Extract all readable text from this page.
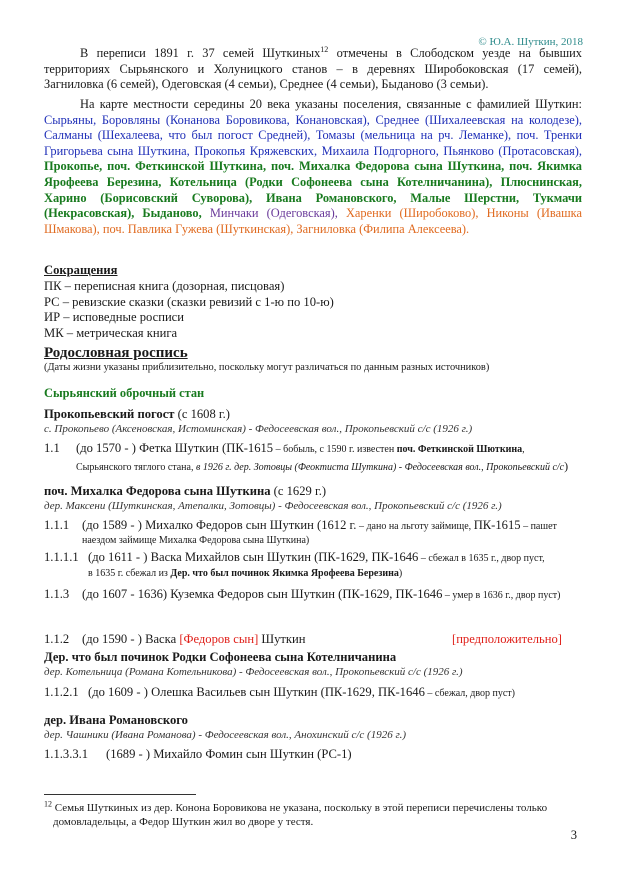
© Ю.А. Шуткин, 2018
В переписи 1891 г. 37 семей Шуткиных$^{12}$ отмечены в Слободском уезде на бывших территориях Сырьянского и Холуницкого станов – в деревнях Широбоковская (17 семей), Загниловка (6 семей), Одеговская (4 семьи), Среднее (4 семьи), Быданово (3 семьи).
На карте местности середины 20 века указаны поселения, связанные с фамилией Шуткин: Сырьяны, Боровляны (Конанова Боровикова, Конановская), Среднее (Шихалеевская на колодезе), Салманы (Шехалеева, что был погост Средней), Томазы (мельница на рч. Леманке), поч. Тренки Григорьева сына Шуткина, Прокопья Кряжевских, Михаила Подгорного, Пьянково (Протасовская), Прокопье, поч. Феткинской Шуткина, поч. Михалка Федорова сына Шуткина, поч. Якимка Ярофеева Березина, Котельница (Родки Софонеева сына Котелничанина), Плюснинская, Харино (Борисовский Суворова), Ивана Романовского, Малые Шерстни, Тукмачи (Некрасовская), Быданово, Минчаки (Одеговская), Харенки (Широбоково), Никоны (Ивашка Шмакова), поч. Павлика Гужева (Шуткинская), Загниловка (Филипа Алексеева).
Сокращения
ПК – переписная книга (дозорная, писцовая)
РС – ревизские сказки (сказки ревизий с 1-ю по 10-ю)
ИР – исповедные росписи
МК – метрическая книга
Родословная роспись
(Даты жизни указаны приблизительно, поскольку могут различаться по данным разных источников)
Сырьянский оброчный стан
Прокопьевский погост (с 1608 г.)
с. Прокопьево (Аксеновская, Истоминская) - Федосеевская вол., Прокопьевский с/с (1926 г.)
1.1 (до 1570 - ) Фетка Шуткин (ПК-1615 – бобыль, с 1590 г. известен поч. Феткинской Шюткина,
Сырьянского тяглого стана, в 1926 г. дер. Зотовцы (Феоктиста Шуткина) - Федосеевская вол., Прокопьевский с/с)
поч. Михалка Федорова сына Шуткина (с 1629 г.)
дер. Максени (Шуткинская, Атепалки, Зотовцы) - Федосеевская вол., Прокопьевский с/с (1926 г.)
1.1.1 (до 1589 - ) Михалко Федоров сын Шуткин (1612 г. – дано на льготу займище, ПК-1615 – пашет
наездом займище Михалка Федорова сына Шуткина)
1.1.1.1 (до 1611 - ) Васка Михайлов сын Шуткин (ПК-1629, ПК-1646 – сбежал в 1635 г., двор пуст,
в 1635 г. сбежал из Дер. что был починок Якимка Ярофеева Березина)
1.1.3 (до 1607 - 1636) Куземка Федоров сын Шуткин (ПК-1629, ПК-1646 – умер в 1636 г., двор пуст)
1.1.2 (до 1590 - ) Васка [Федоров сын] Шуткин	[предположительно]
Дер. что был починок Родки Софонеева сына Котелничанина
дер. Котельница (Романа Котельникова) - Федосеевская вол., Прокопьевский с/с (1926 г.)
1.1.2.1 (до 1609 - ) Олешка Васильев сын Шуткин (ПК-1629, ПК-1646 – сбежал, двор пуст)
дер. Ивана Романовского
дер. Чашники (Ивана Романова) - Федосеевская вол., Анохинский с/с (1926 г.)
1.1.3.3.1 (1689 - ) Михайло Фомин сын Шуткин (РС-1)
$^{12}$ Семья Шуткиных из дер. Конона Боровикова не указана, поскольку в этой переписи перечислены только
домовладельцы, а Федор Шуткин жил во дворе у тестя.
3
